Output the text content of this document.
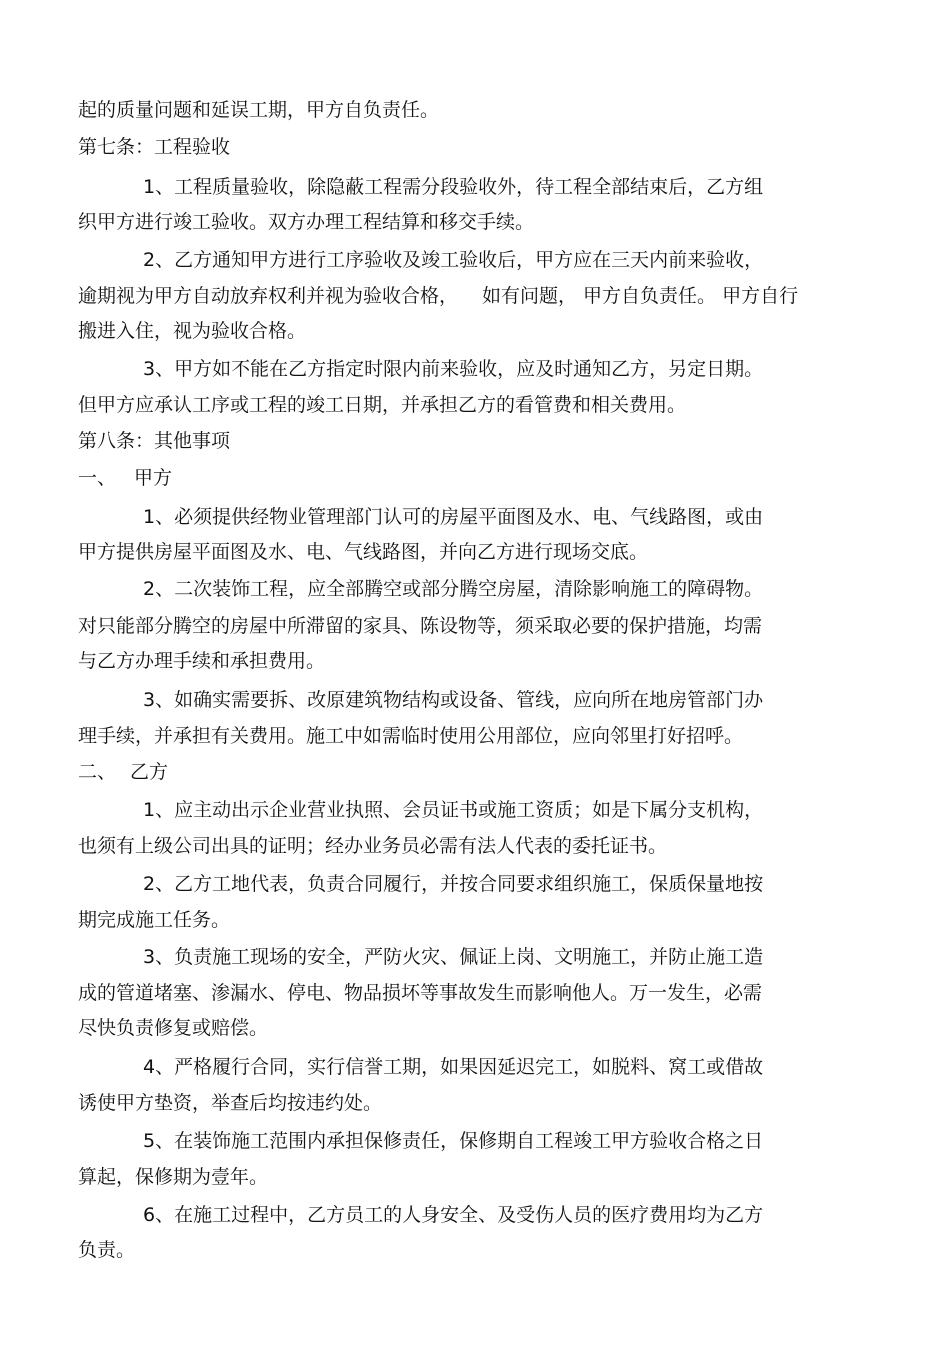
起的质量问题和延误工期，甲方自负责任。
第七条：工程验收
1、工程质量验收，除隐蔽工程需分段验收外，待工程全部结束后，乙方组
织甲方进行竣工验收。双方办理工程结算和移交手续。
2、乙方通知甲方进行工序验收及竣工验收后，甲方应在三天内前来验收，
逾期视为甲方自动放弃权利并视为验收合格， 如有问题， 甲方自负责任。 甲方自行
搬进入住，视为验收合格。
3、甲方如不能在乙方指定时限内前来验收，应及时通知乙方，另定日期。
但甲方应承认工序或工程的竣工日期，并承担乙方的看管费和相关费用。
第八条：其他事项
一、 甲方
1、必须提供经物业管理部门认可的房屋平面图及水、电、气线路图，或由
甲方提供房屋平面图及水、电、气线路图，并向乙方进行现场交底。
2、二次装饰工程，应全部腾空或部分腾空房屋，清除影响施工的障碍物。
对只能部分腾空的房屋中所滞留的家具、陈设物等，须采取必要的保护措施，均需
与乙方办理手续和承担费用。
3、如确实需要拆、改原建筑物结构或设备、管线，应向所在地房管部门办
理手续，并承担有关费用。施工中如需临时使用公用部位，应向邻里打好招呼。
二、 乙方
1、应主动出示企业营业执照、会员证书或施工资质；如是下属分支机构，
也须有上级公司出具的证明；经办业务员必需有法人代表的委托证书。
2、乙方工地代表，负责合同履行，并按合同要求组织施工，保质保量地按
期完成施工任务。
3、负责施工现场的安全，严防火灾、佩证上岗、文明施工，并防止施工造
成的管道堵塞、渗漏水、停电、物品损坏等事故发生而影响他人。万一发生，必需
尽快负责修复或赔偿。
4、严格履行合同，实行信誉工期，如果因延迟完工，如脱料、窝工或借故
诱使甲方垫资，举查后均按违约处。
5、在装饰施工范围内承担保修责任，保修期自工程竣工甲方验收合格之日
算起，保修期为壹年。
6、在施工过程中，乙方员工的人身安全、及受伤人员的医疗费用均为乙方
负责。
